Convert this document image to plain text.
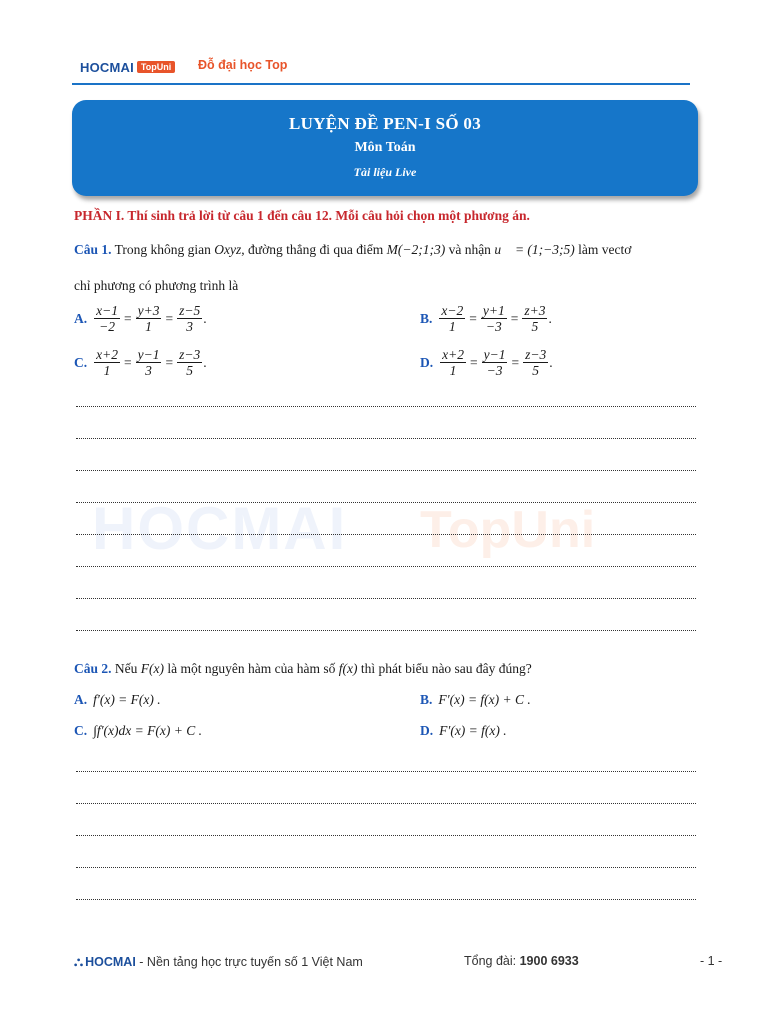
HOCMAI TopUni
HOCMAI TopUni	Đỗ đại học Top
LUYỆN ĐỀ PEN-I SỐ 03
Môn Toán
Tài liệu Live
PHẦN I. Thí sinh trả lời từ câu 1 đến câu 12. Mỗi câu hỏi chọn một phương án.
Câu 1. Trong không gian Oxyz, đường thẳng đi qua điểm M(−2;1;3) và nhận u⃗ = (1;−3;5) làm vectơ
chỉ phương có phương trình là
A. $\frac{x-1}{-2} = \frac{y+3}{1} = \frac{z-5}{3}$ .	B. $\frac{x-2}{1} = \frac{y+1}{-3} = \frac{z+3}{5}$ .
C. $\frac{x+2}{1} = \frac{y-1}{3} = \frac{z-3}{5}$ .	D. $\frac{x+2}{1} = \frac{y-1}{-3} = \frac{z-3}{5}$ .
Câu 2. Nếu F(x) là một nguyên hàm của hàm số f(x) thì phát biểu nào sau đây đúng?
A. f′(x) = F(x) .	B. F′(x) = f(x) + C .
C. ∫f′(x)dx = F(x) + C .	D. F′(x) = f(x) .
⛬ HOCMAI - Nền tảng học trực tuyến số 1 Việt Nam	Tổng đài: 1900 6933	- 1 -
